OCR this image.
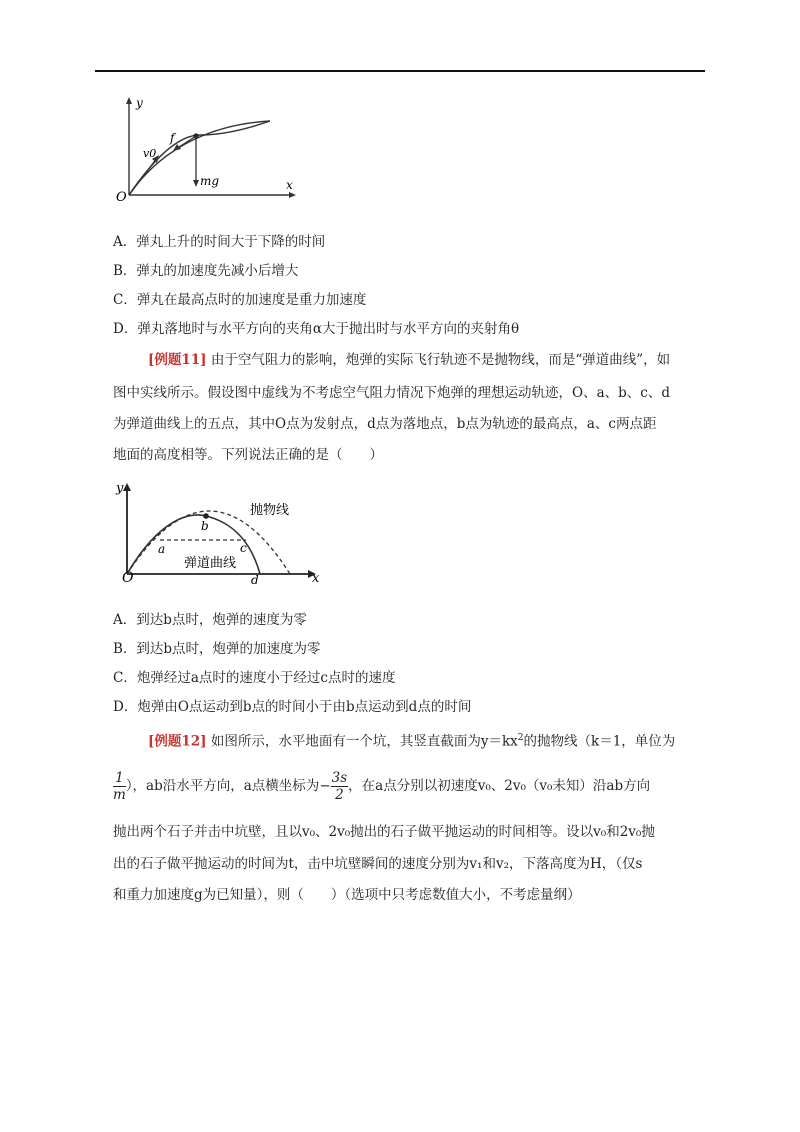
y
x
O
v0
f
mg
A．弹丸上升的时间大于下降的时间
B．弹丸的加速度先减小后增大
C．弹丸在最高点时的加速度是重力加速度
D．弹丸落地时与水平方向的夹角α大于抛出时与水平方向的夹射角θ
[例题11] 由于空气阻力的影响，炮弹的实际飞行轨迹不是抛物线，而是“弹道曲线”，如
图中实线所示。假设图中虚线为不考虑空气阻力情况下炮弹的理想运动轨迹，O、a、b、c、d
为弹道曲线上的五点，其中O点为发射点，d点为落地点，b点为轨迹的最高点，a、c两点距
地面的高度相等。下列说法正确的是（　　）
y
x
O
a
b
c
d
抛物线
弹道曲线
A．到达b点时，炮弹的速度为零
B．到达b点时，炮弹的加速度为零
C．炮弹经过a点时的速度小于经过c点时的速度
D．炮弹由O点运动到b点的时间小于由b点运动到d点的时间
[例题12] 如图所示，水平地面有一个坑，其竖直截面为$y=kx^2$的抛物线（k＝1，单位为
$\frac{1}{m}$ ），ab沿水平方向，a点横坐标为− $\frac{3s}{2}$ ，在a点分别以初速度v₀、2v₀（v₀未知）沿ab方向
抛出两个石子并击中坑壁，且以v₀、2v₀抛出的石子做平抛运动的时间相等。设以v₀和2v₀抛
出的石子做平抛运动的时间为t，击中坑壁瞬间的速度分别为v₁和v₂，下落高度为H，（仅s
和重力加速度g为已知量），则（　　）（选项中只考虑数值大小，不考虑量纲）
